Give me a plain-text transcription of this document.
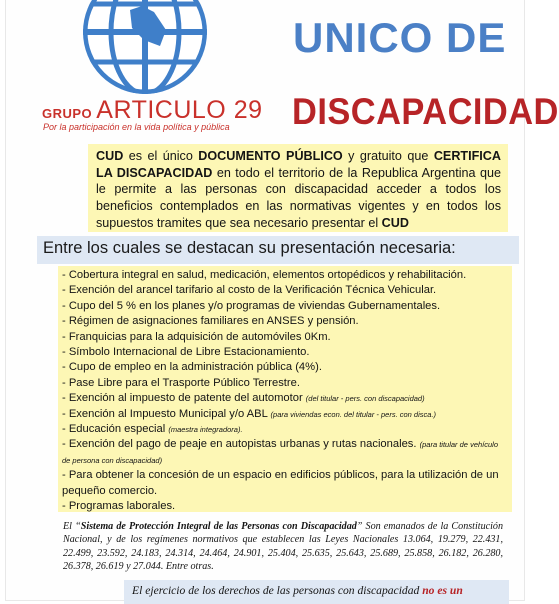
GRUPO ARTICULO 29
Por la participación en la vida política y pública
UNICO DE
DISCAPACIDAD
CUD es el único DOCUMENTO PÚBLICO y gratuito que CERTIFICA LA DISCAPACIDAD en todo el territorio de la Republica Argentina que le permite a las personas con discapacidad acceder a todos los beneficios contemplados en las normativas vigentes y en todos los supuestos tramites que sea necesario presentar el CUD
Entre los cuales se destacan su presentación necesaria:
- Cobertura integral en salud, medicación, elementos ortopédicos y rehabilitación.
- Exención del arancel tarifario al costo de la Verificación Técnica Vehicular.
- Cupo del 5 % en los planes y/o programas de viviendas Gubernamentales.
- Régimen de asignaciones familiares en ANSES y pensión.
- Franquicias para la adquisición de automóviles 0Km.
- Símbolo Internacional de Libre Estacionamiento.
- Cupo de empleo en la administración pública (4%).
- Pase Libre para el Trasporte Público Terrestre.
- Exención al impuesto de patente del automotor (del titular - pers. con discapacidad)
- Exención al Impuesto Municipal y/o ABL (para viviendas econ. del titular - pers. con disca.)
- Educación especial (maestra integradora).
- Exención del pago de peaje en autopistas urbanas y rutas nacionales. (para titular de vehículo de persona con discapacidad)
- Para obtener la concesión de un espacio en edificios públicos, para la utilización de un pequeño comercio.
- Programas laborales.
El “Sistema de Protección Integral de las Personas con Discapacidad” Son emanados de la Constitución Nacional, y de los regímenes normativos que establecen las Leyes Nacionales 13.064, 19.279, 22.431, 22.499, 23.592, 24.183, 24.314, 24.464, 24.901, 25.404, 25.635, 25.643, 25.689, 25.858, 26.182, 26.280, 26.378, 26.619 y 27.044. Entre otras.
El ejercicio de los derechos de las personas con discapacidad no es un
